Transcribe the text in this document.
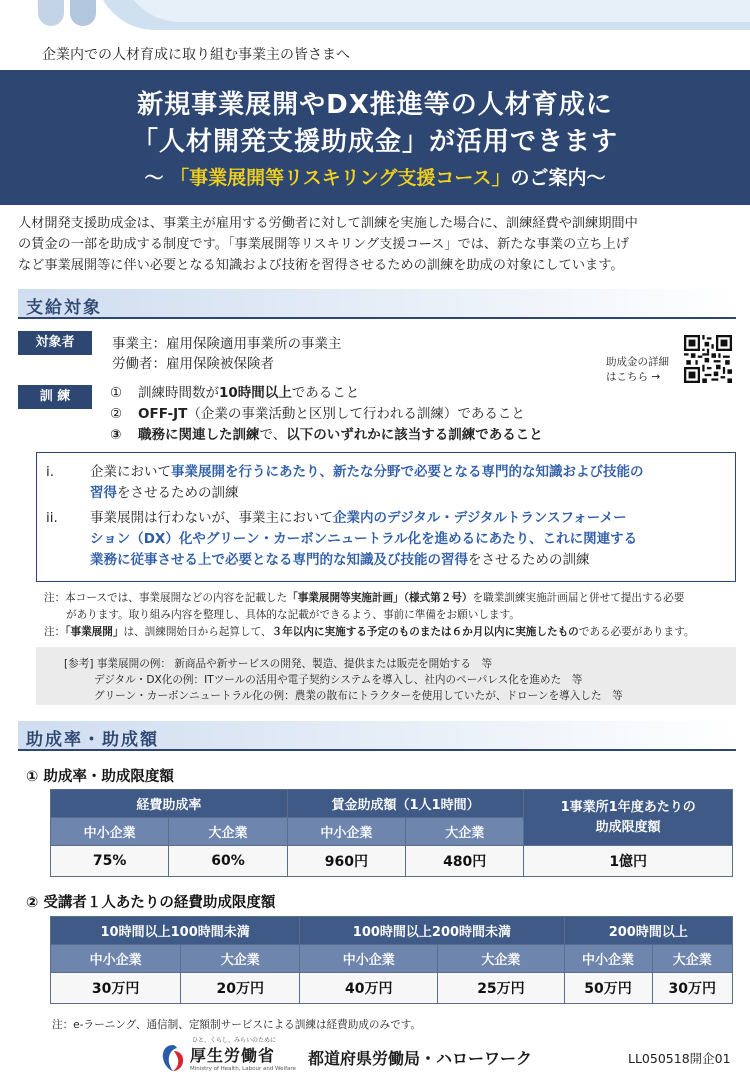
企業内での人材育成に取り組む事業主の皆さまへ
新規事業展開やDX推進等の人材育成に
「人材開発支援助成金」が活用できます
～ 「事業展開等リスキリング支援コース」のご案内～
人材開発支援助成金は、事業主が雇用する労働者に対して訓練を実施した場合に、訓練経費や訓練期間中
の賃金の一部を助成する制度です。「事業展開等リスキリング支援コース」では、新たな事業の立ち上げ
など事業展開等に伴い必要となる知識および技術を習得させるための訓練を助成の対象にしています。
支給対象
対象者	事業主：雇用保険適用事業所の事業主
労働者：雇用保険被保険者
訓 練	① 訓練時間数が10時間以上であること
② OFF-JT（企業の事業活動と区別して行われる訓練）であること
③ 職務に関連した訓練で、以下のいずれかに該当する訓練であること
助成金の詳細
はこちら →
i.	企業において事業展開を行うにあたり、新たな分野で必要となる専門的な知識および技能の
習得をさせるための訓練
ii. 事業展開は行わないが、事業主において企業内のデジタル・デジタルトランスフォーメー
ション（DX）化やグリーン・カーボンニュートラル化を進めるにあたり、これに関連する
業務に従事させる上で必要となる専門的な知識及び技能の習得をさせるための訓練
注：本コースでは、事業展開などの内容を記載した「事業展開等実施計画」（様式第２号）を職業訓練実施計画届と併せて提出する必要
があります。取り組み内容を整理し、具体的な記載ができるよう、事前に準備をお願いします。
注：「事業展開」は、訓練開始日から起算して、３年以内に実施する予定のものまたは６か月以内に実施したものである必要があります。
[参考] 事業展開の例： 新商品や新サービスの開発、製造、提供または販売を開始する　等
デジタル・DX化の例：ITツールの活用や電子契約システムを導入し、社内のペーパレス化を進めた　等
グリーン・カーボンニュートラル化の例：農業の散布にトラクターを使用していたが、ドローンを導入した　等
助成率・助成額
① 助成率・助成限度額
経費助成率		賃金助成額（1人1時間）		1事業所1年度あたりの
助成限度額

中小企業	大企業	中小企業	大企業	
75%	60%	960円	480円	1億円
② 受講者１人あたりの経費助成限度額
10時間以上100時間未満		100時間以上200時間未満		200時間以上	
中小企業	大企業	中小企業	大企業	中小企業	大企業
30万円	20万円	40万円	25万円	50万円	30万円
注：e-ラーニング、通信制、定額制サービスによる訓練は経費助成のみです。
ひと、くらし、みらいのために
厚生労働省
Ministry of Health, Labour and Welfare
都道府県労働局・ハローワーク	LL050518開企01
